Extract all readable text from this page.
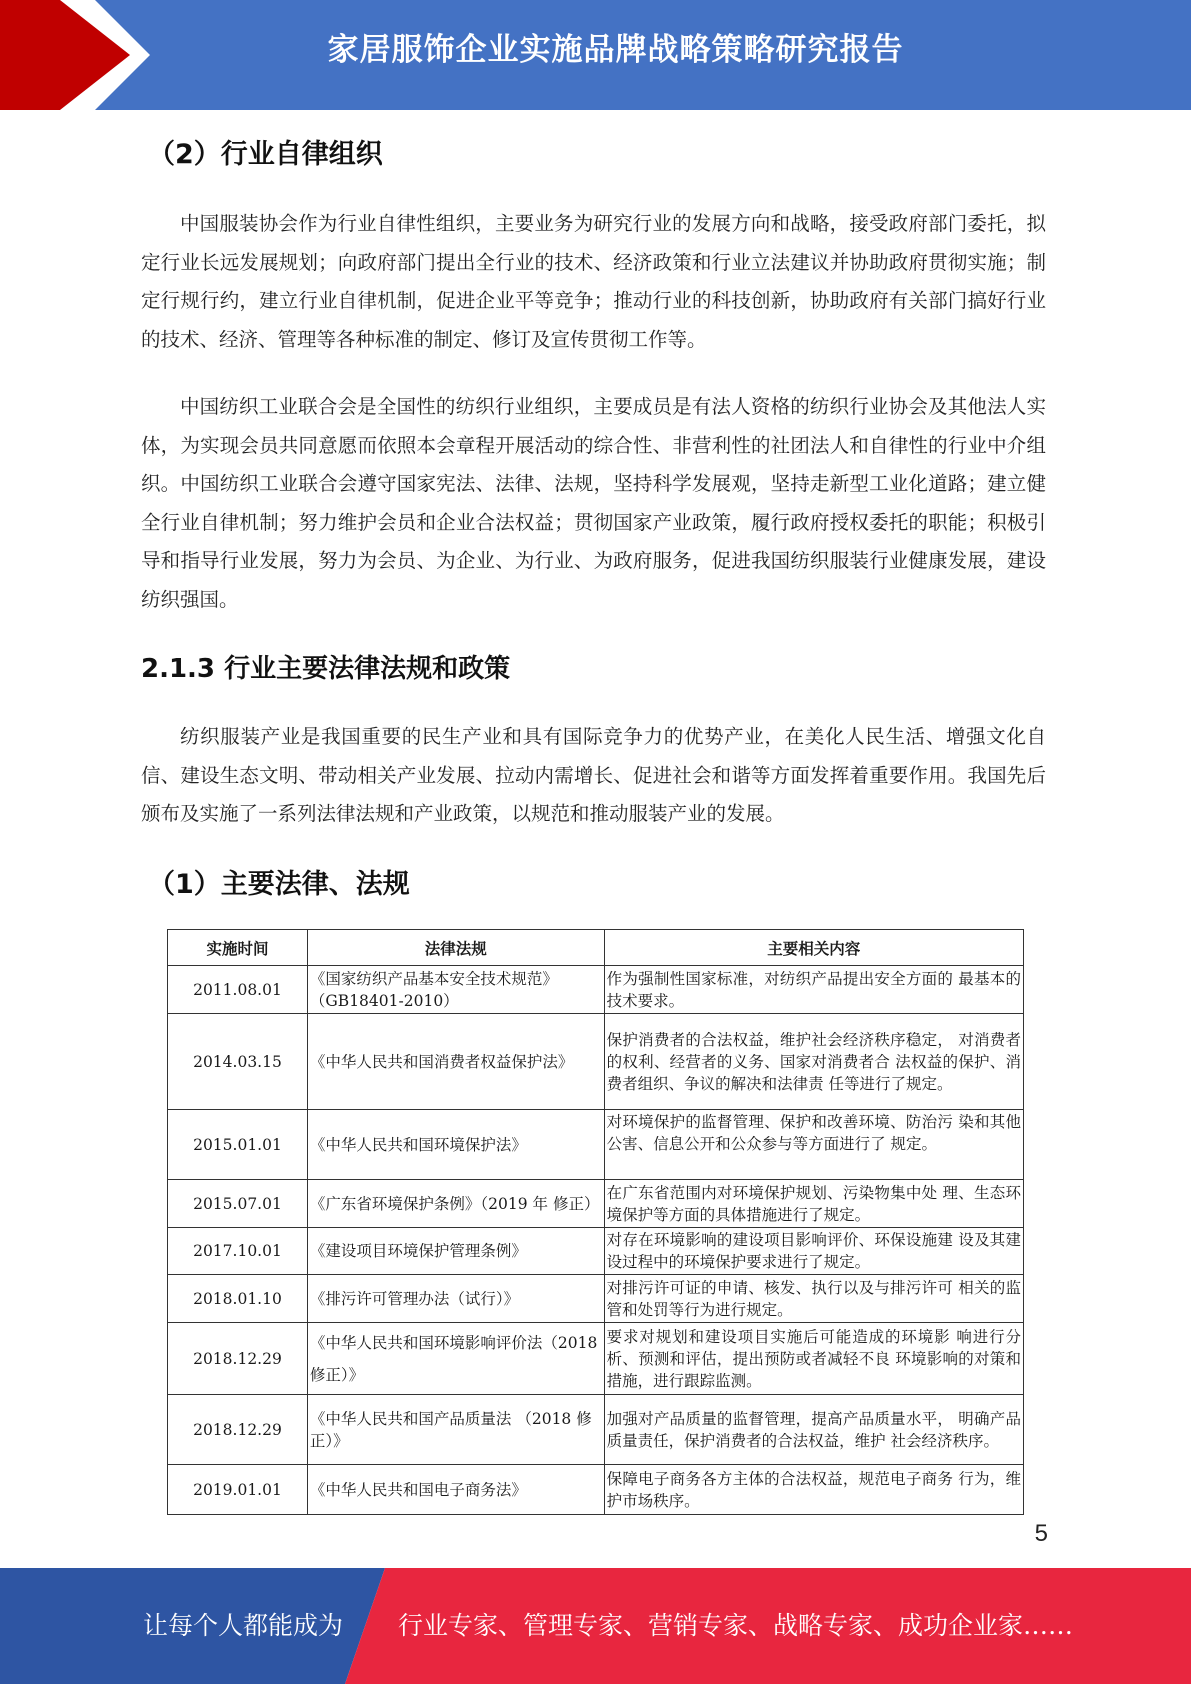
家居服饰企业实施品牌战略策略研究报告
（2）行业自律组织

中国服装协会作为行业自律性组织，主要业务为研究行业的发展方向和战略，接受政府部门委托，拟定行业长远发展规划；向政府部门提出全行业的技术、经济政策和行业立法建议并协助政府贯彻实施；制定行规行约，建立行业自律机制，促进企业平等竞争；推动行业的科技创新，协助政府有关部门搞好行业的技术、经济、管理等各种标准的制定、修订及宣传贯彻工作等。

中国纺织工业联合会是全国性的纺织行业组织，主要成员是有法人资格的纺织行业协会及其他法人实体，为实现会员共同意愿而依照本会章程开展活动的综合性、非营利性的社团法人和自律性的行业中介组织。中国纺织工业联合会遵守国家宪法、法律、法规，坚持科学发展观，坚持走新型工业化道路；建立健全行业自律机制；努力维护会员和企业合法权益；贯彻国家产业政策，履行政府授权委托的职能；积极引导和指导行业发展，努力为会员、为企业、为行业、为政府服务，促进我国纺织服装行业健康发展，建设纺织强国。

2.1.3 行业主要法律法规和政策

纺织服装产业是我国重要的民生产业和具有国际竞争力的优势产业，在美化人民生活、增强文化自信、建设生态文明、带动相关产业发展、拉动内需增长、促进社会和谐等方面发挥着重要作用。我国先后颁布及实施了一系列法律法规和产业政策，以规范和推动服装产业的发展。

（1）主要法律、法规
实施时间	法律法规	主要相关内容
2011.08.01	《国家纺织产品基本安全技术规范》（GB18401-2010）	作为强制性国家标准，对纺织产品提出安全方面的 最基本的技术要求。
2014.03.15	《中华人民共和国消费者权益保护法》	保护消费者的合法权益，维护社会经济秩序稳定， 对消费者的权利、经营者的义务、国家对消费者合 法权益的保护、消费者组织、争议的解决和法律责 任等进行了规定。
2015.01.01	《中华人民共和国环境保护法》	对环境保护的监督管理、保护和改善环境、防治污 染和其他公害、信息公开和公众参与等方面进行了 规定。
2015.07.01	《广东省环境保护条例》（2019 年 修正）	在广东省范围内对环境保护规划、污染物集中处 理、生态环境保护等方面的具体措施进行了规定。
2017.10.01	《建设项目环境保护管理条例》	对存在环境影响的建设项目影响评价、环保设施建 设及其建设过程中的环境保护要求进行了规定。
2018.01.10	《排污许可管理办法（试行）》	对排污许可证的申请、核发、执行以及与排污许可 相关的监管和处罚等行为进行规定。
2018.12.29	《中华人民共和国环境影响评价法（2018 修正）》	要求对规划和建设项目实施后可能造成的环境影 响进行分析、预测和评估，提出预防或者减轻不良 环境影响的对策和措施，进行跟踪监测。
2018.12.29	《中华人民共和国产品质量法 （2018 修正）》	加强对产品质量的监督管理，提高产品质量水平， 明确产品质量责任，保护消费者的合法权益，维护 社会经济秩序。
2019.01.01	《中华人民共和国电子商务法》	保障电子商务各方主体的合法权益，规范电子商务 行为，维护市场秩序。
5
让每个人都能成为 行业专家、管理专家、营销专家、战略专家、成功企业家……
